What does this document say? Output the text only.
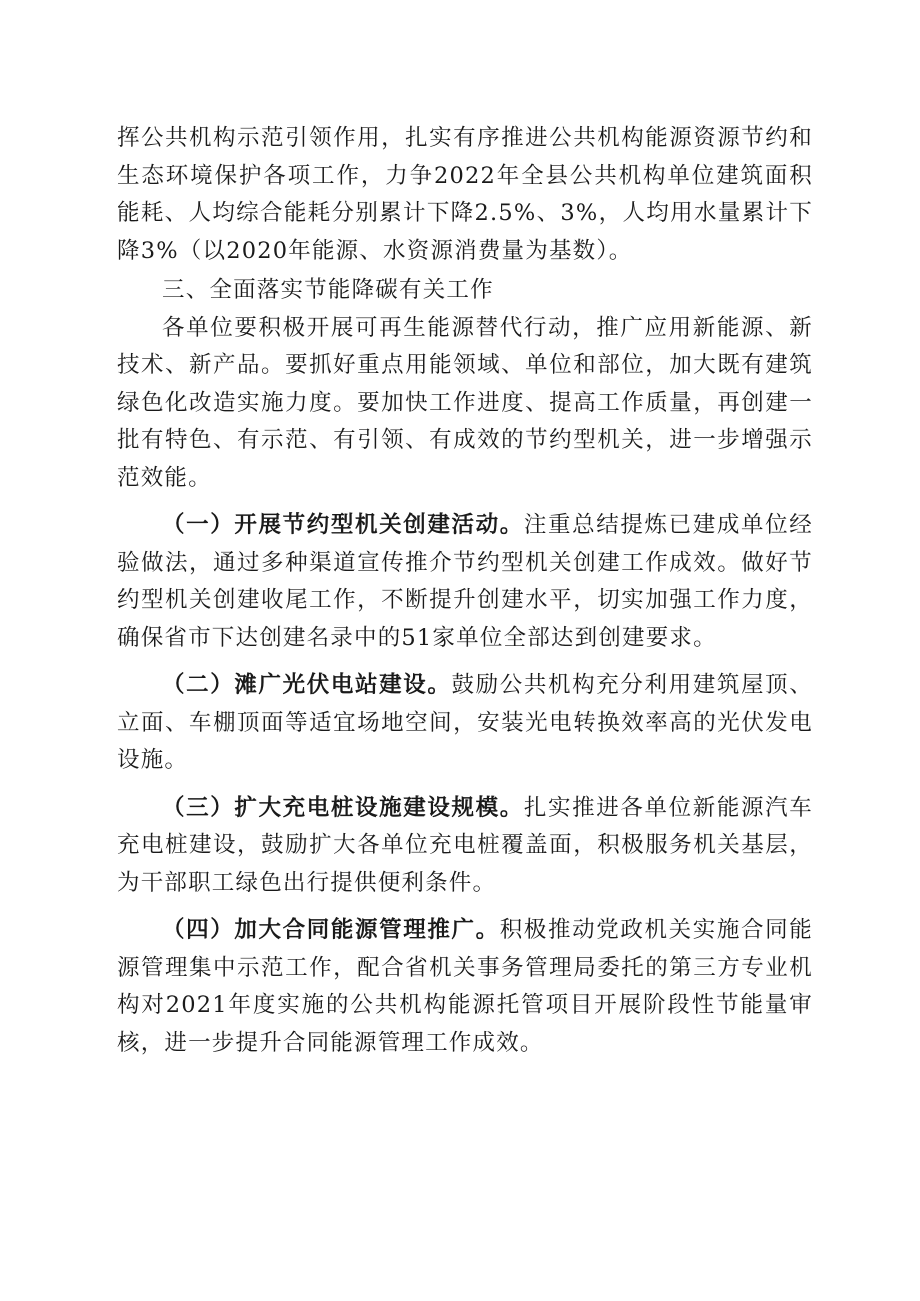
挥公共机构示范引领作用，扎实有序推进公共机构能源资源节约和生态环境保护各项工作，力争2022年全县公共机构单位建筑面积能耗、人均综合能耗分别累计下降2.5%、3%，人均用水量累计下降3%（以2020年能源、水资源消费量为基数）。

三、全面落实节能降碳有关工作

各单位要积极开展可再生能源替代行动，推广应用新能源、新技术、新产品。要抓好重点用能领域、单位和部位，加大既有建筑绿色化改造实施力度。要加快工作进度、提高工作质量，再创建一批有特色、有示范、有引领、有成效的节约型机关，进一步增强示范效能。

（一）开展节约型机关创建活动。注重总结提炼已建成单位经验做法，通过多种渠道宣传推介节约型机关创建工作成效。做好节约型机关创建收尾工作，不断提升创建水平，切实加强工作力度，确保省市下达创建名录中的51家单位全部达到创建要求。

（二）滩广光伏电站建设。鼓励公共机构充分利用建筑屋顶、立面、车棚顶面等适宜场地空间，安装光电转换效率高的光伏发电设施。

（三）扩大充电桩设施建设规模。扎实推进各单位新能源汽车充电桩建设，鼓励扩大各单位充电桩覆盖面，积极服务机关基层，为干部职工绿色出行提供便利条件。

（四）加大合同能源管理推广。积极推动党政机关实施合同能源管理集中示范工作，配合省机关事务管理局委托的第三方专业机构对2021年度实施的公共机构能源托管项目开展阶段性节能量审核，进一步提升合同能源管理工作成效。
